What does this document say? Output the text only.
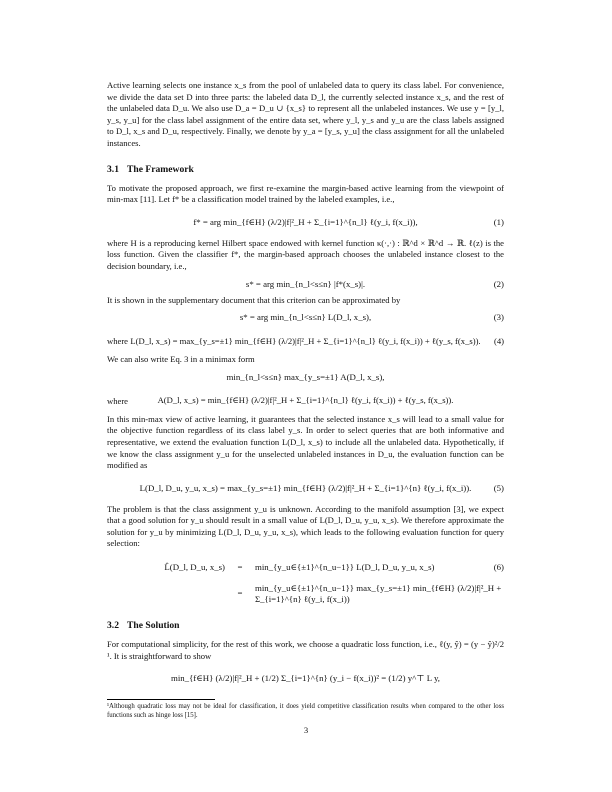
Active learning selects one instance x_s from the pool of unlabeled data to query its class label. For convenience, we divide the data set D into three parts: the labeled data D_l, the currently selected instance x_s, and the rest of the unlabeled data D_u. We also use D_a = D_u ∪ {x_s} to represent all the unlabeled instances. We use y = [y_l, y_s, y_u] for the class label assignment of the entire data set, where y_l, y_s and y_u are the class labels assigned to D_l, x_s and D_u, respectively. Finally, we denote by y_a = [y_s, y_u] the class assignment for all the unlabeled instances.

3.1 The Framework

To motivate the proposed approach, we first re-examine the margin-based active learning from the viewpoint of min-max [11]. Let f* be a classification model trained by the labeled examples, i.e.,

f* = arg min_{f∈H} (λ/2)|f|²_H + Σ_{i=1}^{n_l} ℓ(y_i, f(x_i)),	(1)

where H is a reproducing kernel Hilbert space endowed with kernel function κ(·,·) : ℝ^d × ℝ^d → ℝ. ℓ(z) is the loss function. Given the classifier f*, the margin-based approach chooses the unlabeled instance closest to the decision boundary, i.e.,

s* = arg min_{n_l<s≤n} |f*(x_s)|.	(2)

It is shown in the supplementary document that this criterion can be approximated by

s* = arg min_{n_l<s≤n} L(D_l, x_s),	(3)
where L(D_l, x_s) = max_{y_s=±1} min_{f∈H} (λ/2)|f|²_H + Σ_{i=1}^{n_l} ℓ(y_i, f(x_i)) + ℓ(y_s, f(x_s)).	(4)

We can also write Eq. 3 in a minimax form

min_{n_l<s≤n} max_{y_s=±1} A(D_l, x_s),
where	A(D_l, x_s) = min_{f∈H} (λ/2)|f|²_H + Σ_{i=1}^{n_l} ℓ(y_i, f(x_i)) + ℓ(y_s, f(x_s)).

In this min-max view of active learning, it guarantees that the selected instance x_s will lead to a small value for the objective function regardless of its class label y_s. In order to select queries that are both informative and representative, we extend the evaluation function L(D_l, x_s) to include all the unlabeled data. Hypothetically, if we know the class assignment y_u for the unselected unlabeled instances in D_u, the evaluation function can be modified as

L(D_l, D_u, y_u, x_s) = max_{y_s=±1} min_{f∈H} (λ/2)|f|²_H + Σ_{i=1}^{n} ℓ(y_i, f(x_i)).	(5)

The problem is that the class assignment y_u is unknown. According to the manifold assumption [3], we expect that a good solution for y_u should result in a small value of L(D_l, D_u, y_u, x_s). We therefore approximate the solution for y_u by minimizing L(D_l, D_u, y_u, x_s), which leads to the following evaluation function for query selection:

L̂(D_l, D_u, x_s)	=	min_{y_u∈{±1}^{n_u−1}} L(D_l, D_u, y_u, x_s)	(6)
=
min_{y_u∈{±1}^{n_u−1}} max_{y_s=±1} min_{f∈H} (λ/2)|f|²_H + Σ_{i=1}^{n} ℓ(y_i, f(x_i))
3.2 The Solution

For computational simplicity, for the rest of this work, we choose a quadratic loss function, i.e., ℓ(y, ŷ) = (y − ŷ)²/2 ¹. It is straightforward to show

min_{f∈H} (λ/2)|f|²_H + (1/2) Σ_{i=1}^{n} (y_i − f(x_i))² = (1/2) y^⊤ L y,
¹Although quadratic loss may not be ideal for classification, it does yield competitive classification results when compared to the other loss functions such as hinge loss [15].
3
